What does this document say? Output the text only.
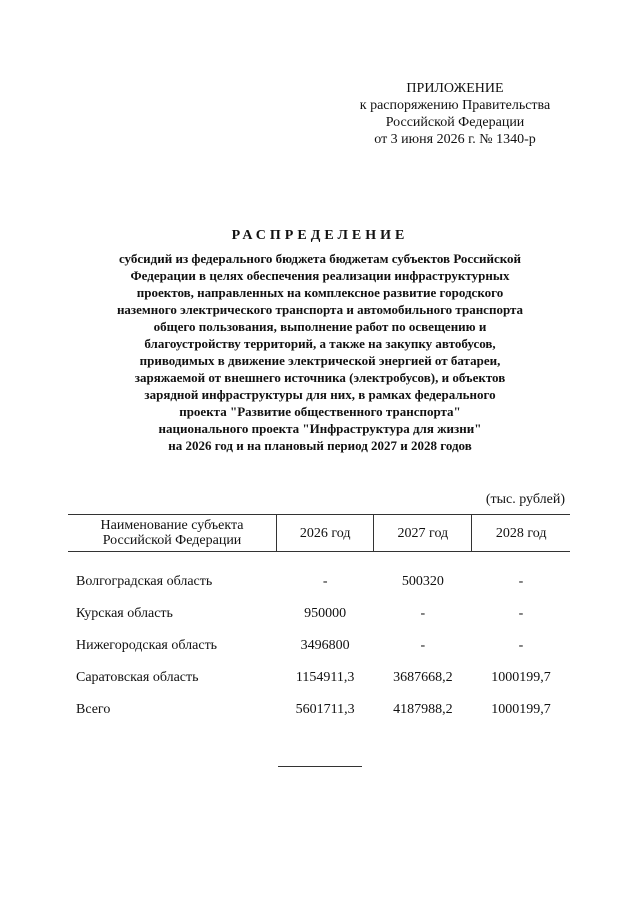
ПРИЛОЖЕНИЕ
к распоряжению Правительства
Российской Федерации
от 3 июня 2026 г. № 1340-р
РАСПРЕДЕЛЕНИЕ
субсидий из федерального бюджета бюджетам субъектов Российской
Федерации в целях обеспечения реализации инфраструктурных
проектов, направленных на комплексное развитие городского
наземного электрического транспорта и автомобильного транспорта
общего пользования, выполнение работ по освещению и
благоустройству территорий, а также на закупку автобусов,
приводимых в движение электрической энергией от батареи,
заряжаемой от внешнего источника (электробусов), и объектов
зарядной инфраструктуры для них, в рамках федерального
проекта "Развитие общественного транспорта"
национального проекта "Инфраструктура для жизни"
на 2026 год и на плановый период 2027 и 2028 годов
(тыс. рублей)
Наименование субъекта Российской Федерации	2026 год	2027 год	2028 год
Волгоградская область	-	500320	-
Курская область	950000	-	-
Нижегородская область	3496800	-	-
Саратовская область	1154911,3	3687668,2	1000199,7
Всего	5601711,3	4187988,2	1000199,7
